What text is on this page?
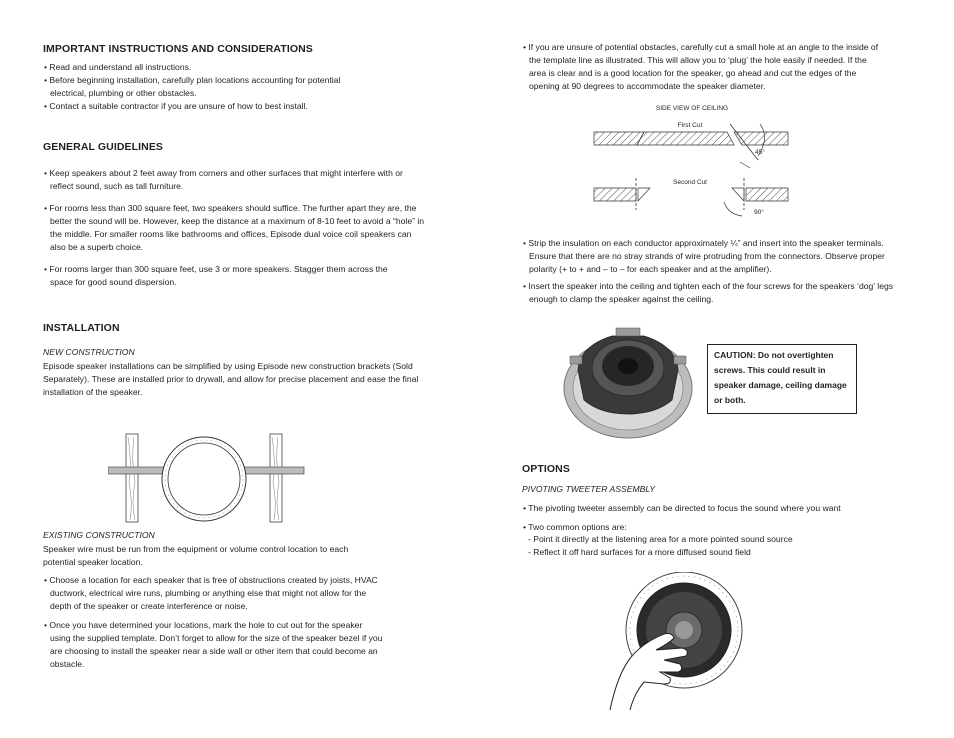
IMPORTANT INSTRUCTIONS AND CONSIDERATIONS
• Read and understand all instructions.
• Before beginning installation, carefully plan locations accounting for potential electrical, plumbing or other obstacles.
• Contact a suitable contractor if you are unsure of how to best install.
GENERAL GUIDELINES
• Keep speakers about 2 feet away from corners and other surfaces that might interfere with or reflect sound, such as tall furniture.
• For rooms less than 300 square feet, two speakers should suffice. The further apart they are, the better the sound will be. However, keep the distance at a maximum of 8-10 feet to avoid a “hole” in the middle. For smaller rooms like bathrooms and offices, Episode dual voice coil speakers can also be a superb choice.
• For rooms larger than 300 square feet, use 3 or more speakers. Stagger them across the space for good sound dispersion.
INSTALLATION
NEW CONSTRUCTION

Episode speaker installations can be simplified by using Episode new construction brackets (Sold Separately). These are installed prior to drywall, and allow for precise placement and ease the final installation of the speaker.

EXISTING CONSTRUCTION

Speaker wire must be run from the equipment or volume control location to each potential speaker location.

• Choose a location for each speaker that is free of obstructions created by joists, HVAC ductwork, electrical wire runs, plumbing or anything else that might not allow for the depth of the speaker or create interference or noise.
• Once you have determined your locations, mark the hole to cut out for the speaker using the supplied template. Don’t forget to allow for the size of the speaker bezel if you are choosing to install the speaker near a side wall or other item that could become an obstacle.
• If you are unsure of potential obstacles, carefully cut a small hole at an angle to the inside of the template line as illustrated. This will allow you to ‘plug’ the hole easily if needed. If the area is clear and is a good location for the speaker, go ahead and cut the edges of the opening at 90 degrees to accommodate the speaker diameter.
SIDE VIEW OF CEILING
First Cut
45°
Second Cut
90°
• Strip the insulation on each conductor approximately ¼” and insert into the speaker terminals. Ensure that there are no stray strands of wire protruding from the connectors. Observe proper polarity (+ to + and – to – for each speaker and at the amplifier).
• Insert the speaker into the ceiling and tighten each of the four screws for the speakers ‘dog’ legs enough to clamp the speaker against the ceiling.
CAUTION: Do not overtighten screws. This could result in speaker damage, ceiling damage or both.
OPTIONS
PIVOTING TWEETER ASSEMBLY
• The pivoting tweeter assembly can be directed to focus the sound where you want
• Two common options are:

- Point it directly at the listening area for a more pointed sound source

- Reflect it off hard surfaces for a more diffused sound field
